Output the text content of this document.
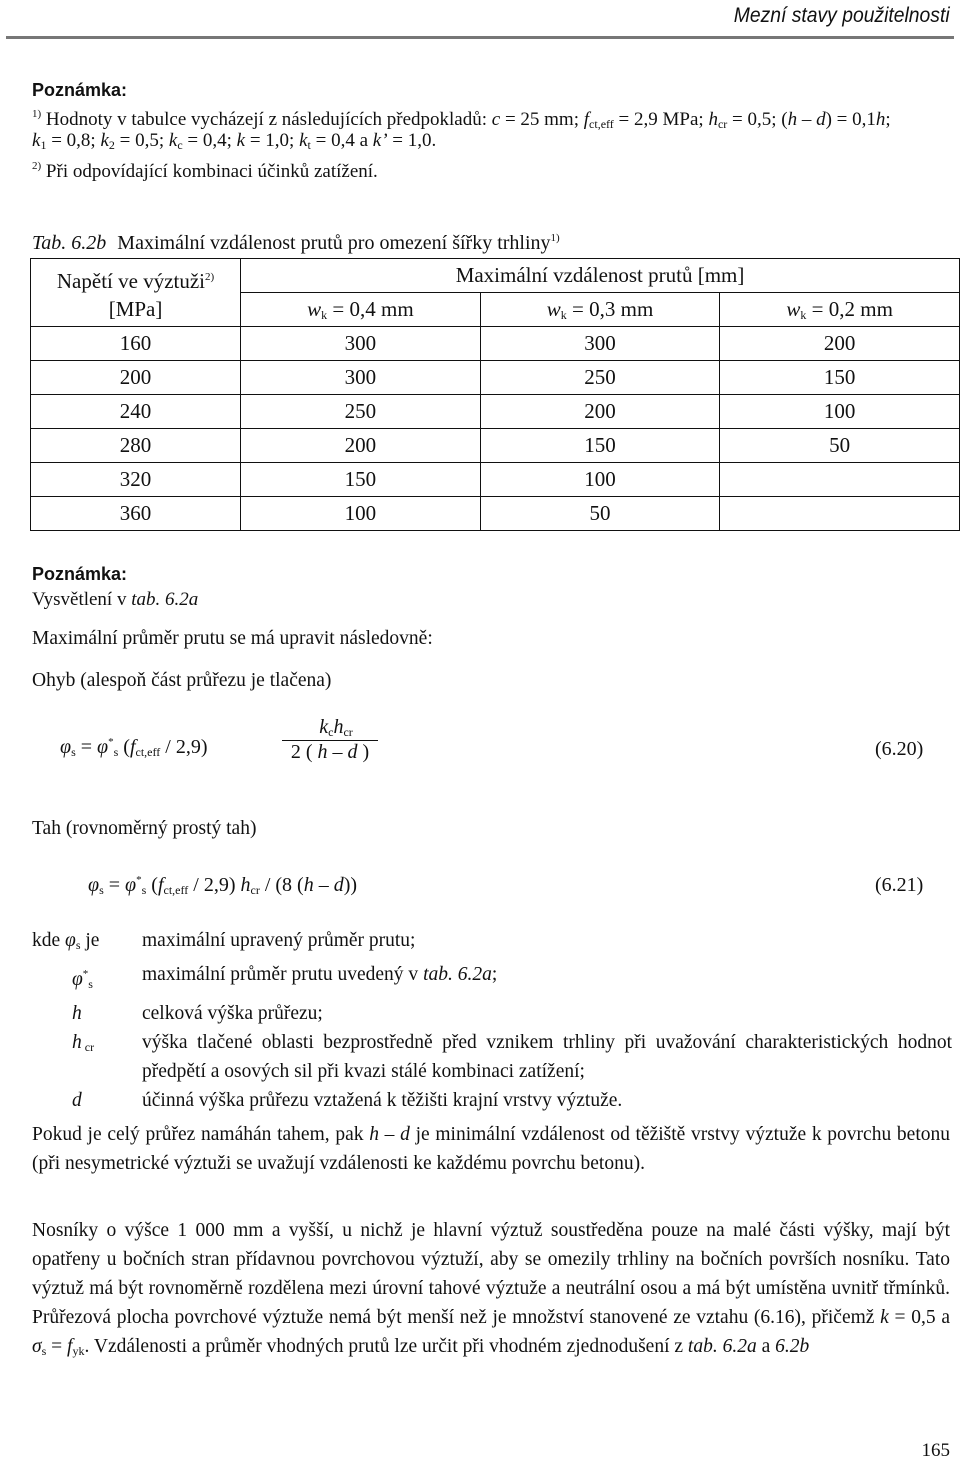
Mezní stavy použitelnosti
Poznámka:
$^{1)}$ Hodnoty v tabulce vycházejí z následujících předpokladů: c = 25 mm; $f_{ct,eff} = 2,9$ MPa; $h_{cr} = 0,5$; (h – d) = 0,1h;
$k_1 = 0,8$; $k_2 = 0,5$; $k_c = 0,4$; k = 1,0; $k_t = 0,4$ a k’ = 1,0.
$^{2)}$ Při odpovídající kombinaci účinků zatížení.
Tab. 6.2b Maximální vzdálenost prutů pro omezení šířky trhliny$^{1)}$
Napětí ve výztuži$^{2)}$
[MPa]	Maximální vzdálenost prutů [mm]		
	$w_k = 0,4$ mm	$w_k = 0,3$ mm	$w_k = 0,2$ mm
160	300	300	200
200	300	250	150
240	250	200	100
280	200	150	50
320	150	100	
360	100	50	
Poznámka:
Vysvětlení v tab. 6.2a
Maximální průměr prutu se má upravit následovně:
Ohyb (alespoň část průřezu je tlačena)
$\varphi_s = \varphi^*_s$ $(f_{ct,eff} / 2,9)$
$k_ch_{cr}$
2 ( h – d )	(6.20)
Tah (rovnoměrný prostý tah)
$\varphi_s = \varphi^*_s$ $(f_{ct,eff} / 2,9)$ $h_{cr} / (8$ (h – d))	(6.21)
kde $\varphi_s$ je	maximální upravený průměr prutu;
$\varphi^*_s$	maximální průměr prutu uvedený v tab. 6.2a;
h	celková výška průřezu;
h $_{cr}$	výška tlačené oblasti bezprostředně před vznikem trhliny při uvažování charakteristických hodnot předpětí a osových sil při kvazi stálé kombinaci zatížení;
d	účinná výška průřezu vztažená k těžišti krajní vrstvy výztuže.
Pokud je celý průřez namáhán tahem, pak h – d je minimální vzdálenost od těžiště vrstvy výztuže k povrchu betonu (při nesymetrické výztuži se uvažují vzdálenosti ke každému povrchu betonu).
Nosníky o výšce 1 000 mm a vyšší, u nichž je hlavní výztuž soustředěna pouze na malé části výšky, mají být opatřeny u bočních stran přídavnou povrchovou výztuží, aby se omezily trhliny na bočních površích nosníku. Tato výztuž má být rovnoměrně rozdělena mezi úrovní tahové výztuže a neutrální osou a má být umístěna uvnitř třmínků. Průřezová plocha povrchové výztuže nemá být menší než je množství stanovené ze vztahu (6.16), přičemž k = 0,5 a $\sigma_s = f_{yk}$. Vzdálenosti a průměr vhodných prutů lze určit při vhodném zjednodušení z tab. 6.2a a 6.2b
165
